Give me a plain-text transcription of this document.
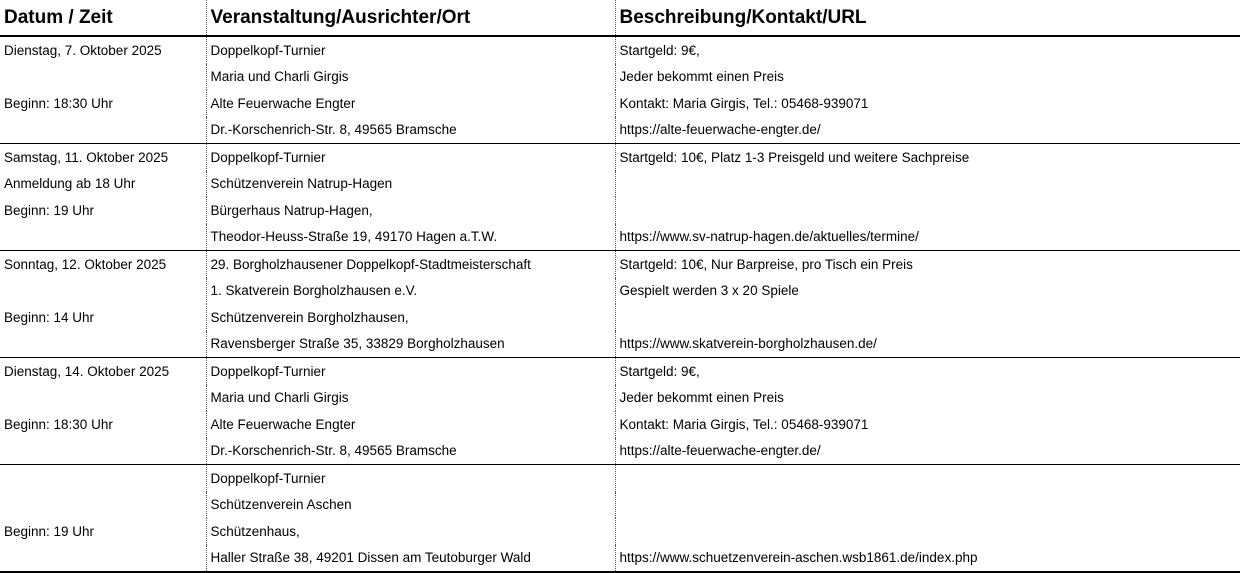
Datum / Zeit	Veranstaltung/Ausrichter/Ort	Beschreibung/Kontakt/URL
Dienstag, 7. Oktober 2025	Doppelkopf-Turnier	Startgeld: 9€,
	Maria und Charli Girgis	Jeder bekommt einen Preis
Beginn: 18:30 Uhr	Alte Feuerwache Engter	Kontakt: Maria Girgis, Tel.: 05468-939071
	Dr.-Korschenrich-Str. 8, 49565 Bramsche	https://alte-feuerwache-engter.de/
Samstag, 11. Oktober 2025	Doppelkopf-Turnier	Startgeld: 10€, Platz 1-3 Preisgeld und weitere Sachpreise
Anmeldung ab 18 Uhr	Schützenverein Natrup-Hagen	
Beginn: 19 Uhr	Bürgerhaus Natrup-Hagen,	
	Theodor-Heuss-Straße 19, 49170 Hagen a.T.W.	https://www.sv-natrup-hagen.de/aktuelles/termine/
Sonntag, 12. Oktober 2025	29. Borgholzhausener Doppelkopf-Stadtmeisterschaft	Startgeld: 10€, Nur Barpreise, pro Tisch ein Preis
	1. Skatverein Borgholzhausen e.V.	Gespielt werden 3 x 20 Spiele
Beginn: 14 Uhr	Schützenverein Borgholzhausen,	
	Ravensberger Straße 35, 33829 Borgholzhausen	https://www.skatverein-borgholzhausen.de/
Dienstag, 14. Oktober 2025	Doppelkopf-Turnier	Startgeld: 9€,
	Maria und Charli Girgis	Jeder bekommt einen Preis
Beginn: 18:30 Uhr	Alte Feuerwache Engter	Kontakt: Maria Girgis, Tel.: 05468-939071
	Dr.-Korschenrich-Str. 8, 49565 Bramsche	https://alte-feuerwache-engter.de/
	Doppelkopf-Turnier	
	Schützenverein Aschen	
Beginn: 19 Uhr	Schützenhaus,	
	Haller Straße 38, 49201 Dissen am Teutoburger Wald	https://www.schuetzenverein-aschen.wsb1861.de/index.php
